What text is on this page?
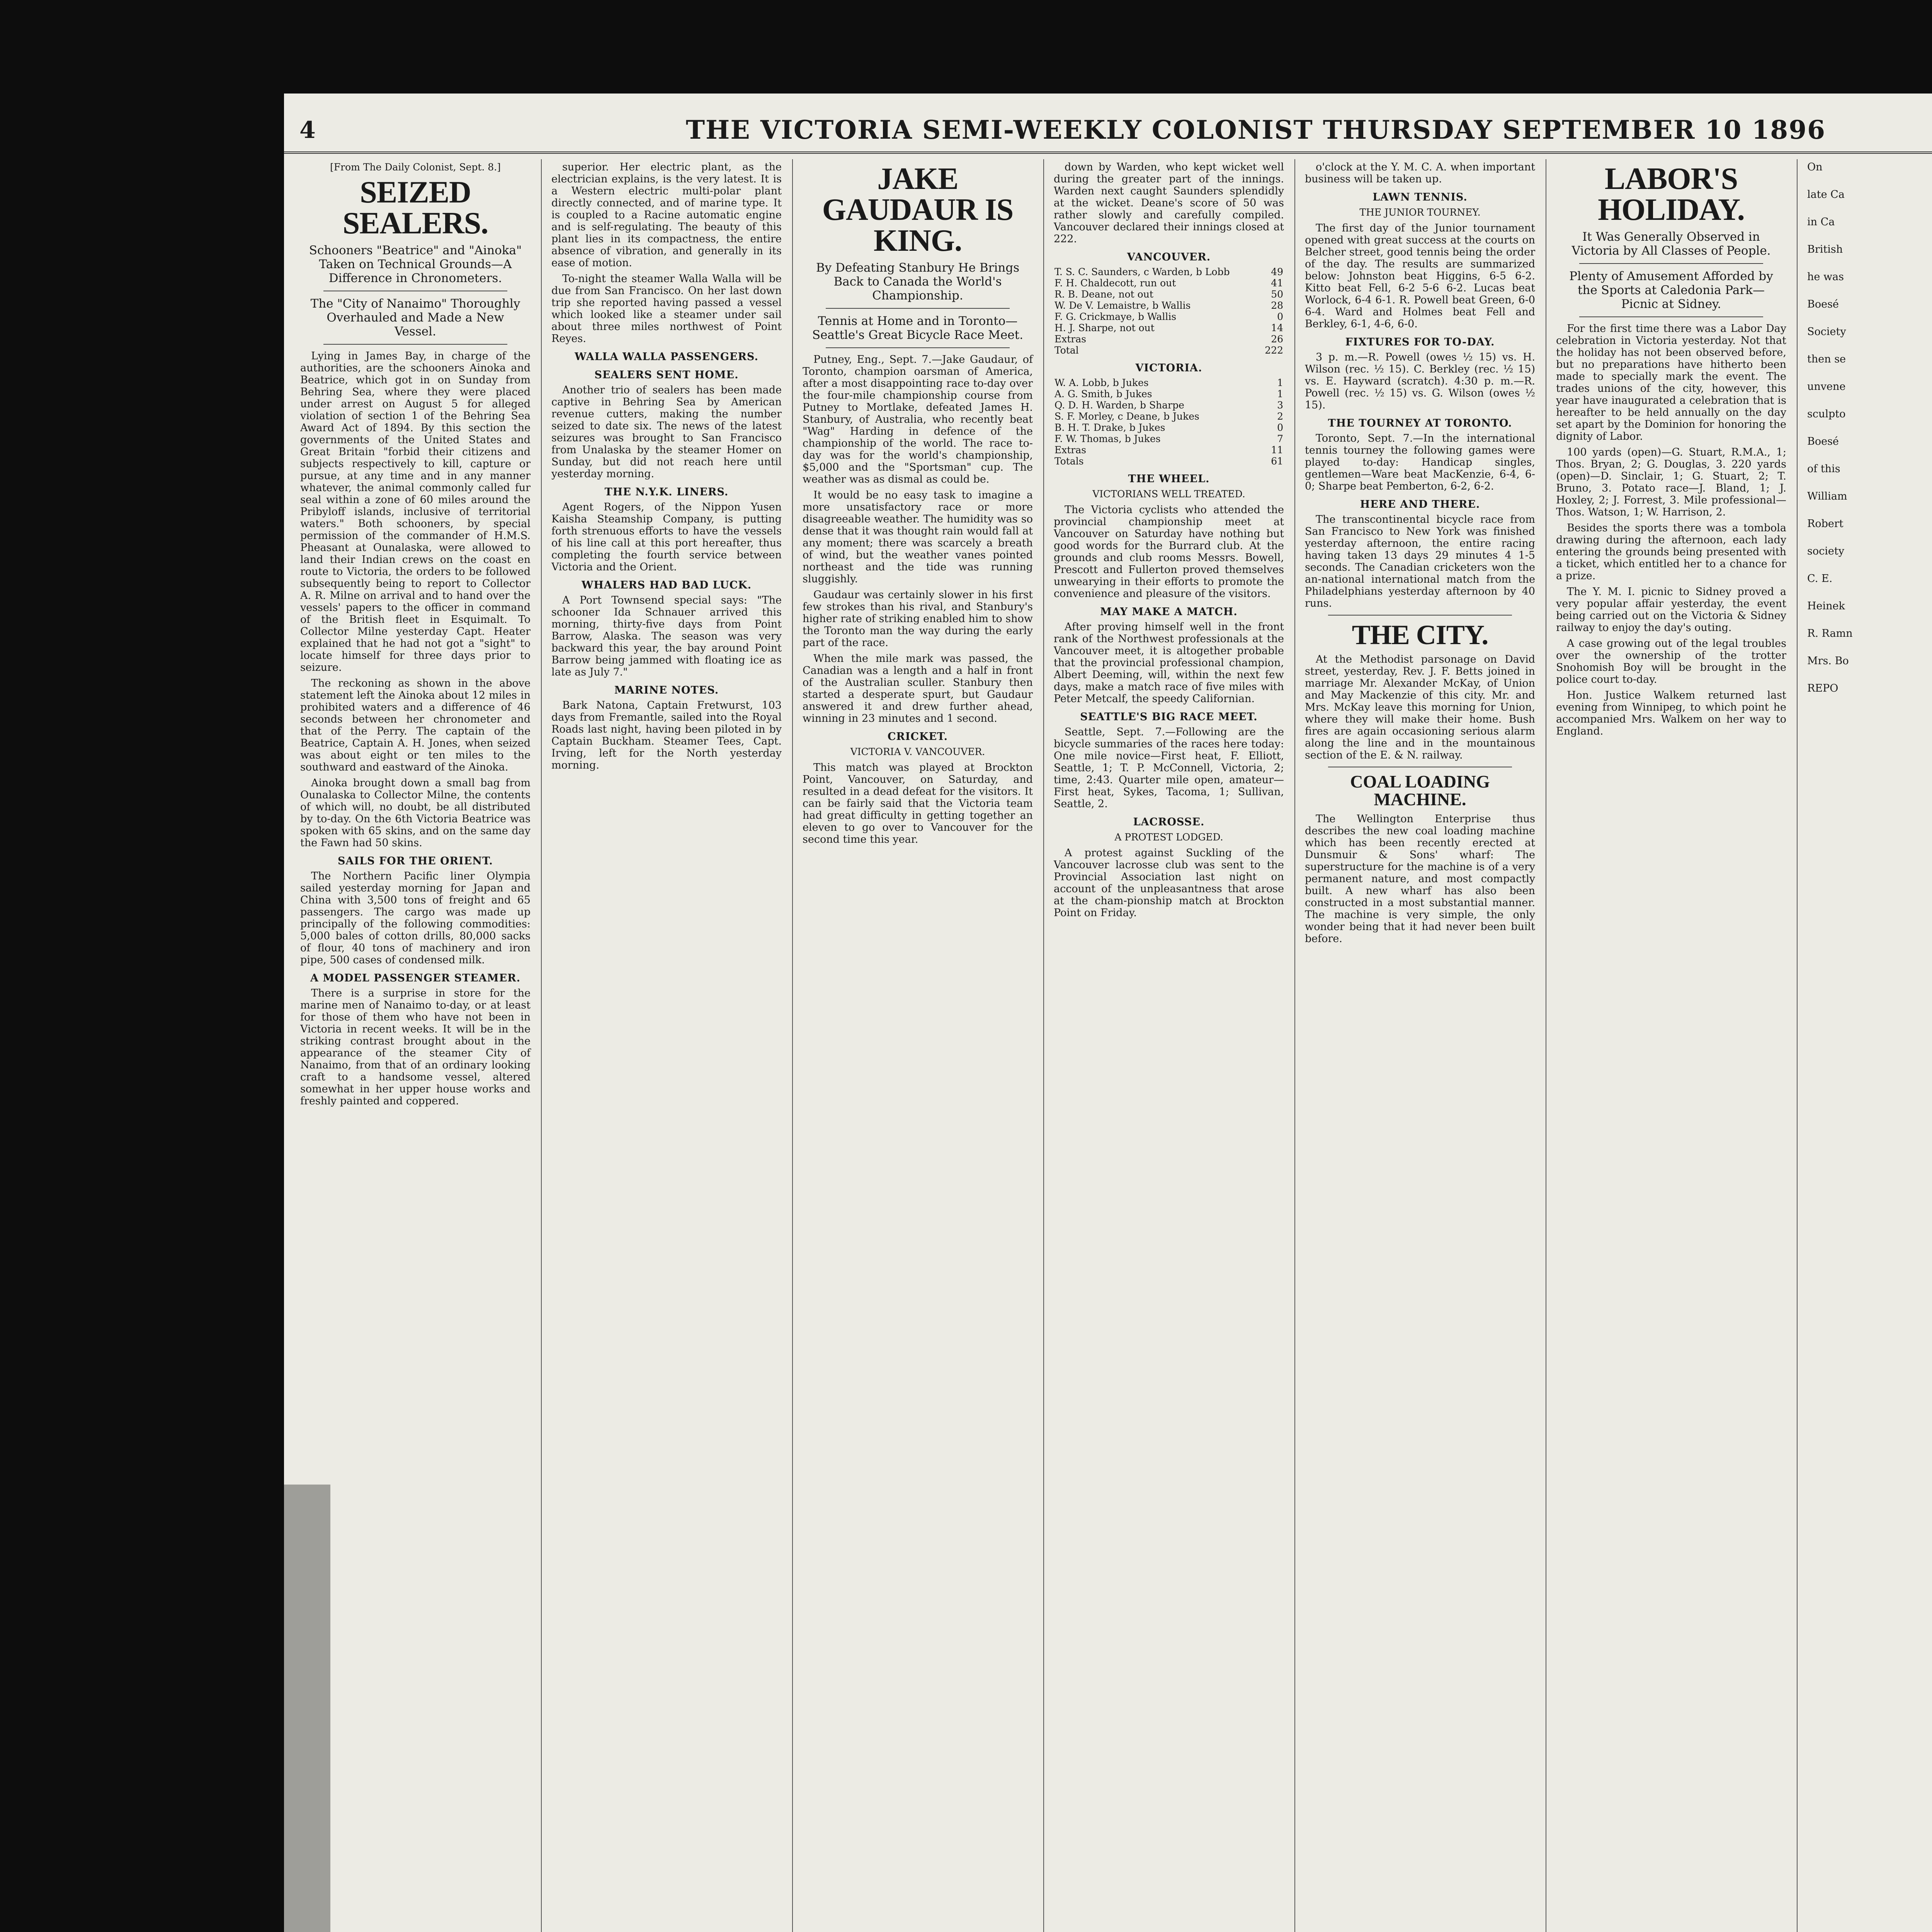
4	THE VICTORIA SEMI-WEEKLY COLONIST THURSDAY SEPTEMBER 10 1896
[From The Daily Colonist, Sept. 8.]
SEIZED SEALERS.
Schooners "Beatrice" and "Ainoka" Taken on Technical Grounds—A Difference in Chronometers.
The "City of Nanaimo" Thoroughly Overhauled and Made a New Vessel.

Lying in James Bay, in charge of the authorities, are the schooners Ainoka and Beatrice, which got in on Sunday from Behring Sea, where they were placed under arrest on August 5 for alleged violation of section 1 of the Behring Sea Award Act of 1894. By this section the governments of the United States and Great Britain "forbid their citizens and subjects respectively to kill, capture or pursue, at any time and in any manner whatever, the animal commonly called fur seal within a zone of 60 miles around the Pribyloff islands, inclusive of territorial waters." Both schooners, by special permission of the commander of H.M.S. Pheasant at Ounalaska, were allowed to land their Indian crews on the coast en route to Victoria, the orders to be followed subsequently being to report to Collector A. R. Milne on arrival and to hand over the vessels' papers to the officer in command of the British fleet in Esquimalt. To Collector Milne yesterday Capt. Heater explained that he had not got a "sight" to locate himself for three days prior to seizure.

The reckoning as shown in the above statement left the Ainoka about 12 miles in prohibited waters and a difference of 46 seconds between her chronometer and that of the Perry. The captain of the Beatrice, Captain A. H. Jones, when seized was about eight or ten miles to the southward and eastward of the Ainoka.

Ainoka brought down a small bag from Ounalaska to Collector Milne, the contents of which will, no doubt, be all distributed by to-day. On the 6th Victoria Beatrice was spoken with 65 skins, and on the same day the Fawn had 50 skins.

SAILS FOR THE ORIENT.

The Northern Pacific liner Olympia sailed yesterday morning for Japan and China with 3,500 tons of freight and 65 passengers. The cargo was made up principally of the following commodities: 5,000 bales of cotton drills, 80,000 sacks of flour, 40 tons of machinery and iron pipe, 500 cases of condensed milk.

A MODEL PASSENGER STEAMER.

There is a surprise in store for the marine men of Nanaimo to-day, or at least for those of them who have not been in Victoria in recent weeks. It will be in the striking contrast brought about in the appearance of the steamer City of Nanaimo, from that of an ordinary looking craft to a handsome vessel, altered somewhat in her upper house works and freshly painted and coppered.

superior. Her electric plant, as the electrician explains, is the very latest. It is a Western electric multi-polar plant directly connected, and of marine type. It is coupled to a Racine automatic engine and is self-regulating. The beauty of this plant lies in its compactness, the entire absence of vibration, and generally in its ease of motion.

To-night the steamer Walla Walla will be due from San Francisco. On her last down trip she reported having passed a vessel which looked like a steamer under sail about three miles northwest of Point Reyes.

WALLA WALLA PASSENGERS.
SEALERS SENT HOME.

Another trio of sealers has been made captive in Behring Sea by American revenue cutters, making the number seized to date six. The news of the latest seizures was brought to San Francisco from Unalaska by the steamer Homer on Sunday, but did not reach here until yesterday morning.

THE N.Y.K. LINERS.

Agent Rogers, of the Nippon Yusen Kaisha Steamship Company, is putting forth strenuous efforts to have the vessels of his line call at this port hereafter, thus completing the fourth service between Victoria and the Orient.

WHALERS HAD BAD LUCK.

A Port Townsend special says: "The schooner Ida Schnauer arrived this morning, thirty-five days from Point Barrow, Alaska. The season was very backward this year, the bay around Point Barrow being jammed with floating ice as late as July 7."

MARINE NOTES.

Bark Natona, Captain Fretwurst, 103 days from Fremantle, sailed into the Royal Roads last night, having been piloted in by Captain Buckham. Steamer Tees, Capt. Irving, left for the North yesterday morning.

JAKE GAUDAUR IS KING.
By Defeating Stanbury He Brings Back to Canada the World's Championship.
Tennis at Home and in Toronto—Seattle's Great Bicycle Race Meet.

Putney, Eng., Sept. 7.—Jake Gaudaur, of Toronto, champion oarsman of America, after a most disappointing race to-day over the four-mile championship course from Putney to Mortlake, defeated James H. Stanbury, of Australia, who recently beat "Wag" Harding in defence of the championship of the world. The race to-day was for the world's championship, $5,000 and the "Sportsman" cup. The weather was as dismal as could be.

It would be no easy task to imagine a more unsatisfactory race or more disagreeable weather. The humidity was so dense that it was thought rain would fall at any moment; there was scarcely a breath of wind, but the weather vanes pointed northeast and the tide was running sluggishly.

Gaudaur was certainly slower in his first few strokes than his rival, and Stanbury's higher rate of striking enabled him to show the Toronto man the way during the early part of the race.

When the mile mark was passed, the Canadian was a length and a half in front of the Australian sculler. Stanbury then started a desperate spurt, but Gaudaur answered it and drew further ahead, winning in 23 minutes and 1 second.

CRICKET.
VICTORIA V. VANCOUVER.

This match was played at Brockton Point, Vancouver, on Saturday, and resulted in a dead defeat for the visitors. It can be fairly said that the Victoria team had great difficulty in getting together an eleven to go over to Vancouver for the second time this year.

down by Warden, who kept wicket well during the greater part of the innings. Warden next caught Saunders splendidly at the wicket. Deane's score of 50 was rather slowly and carefully compiled. Vancouver declared their innings closed at 222.

VANCOUVER.
T. S. C. Saunders, c Warden, b Lobb	49
F. H. Chaldecott, run out	41
R. B. Deane, not out	50
W. De V. Lemaistre, b Wallis	28
F. G. Crickmaye, b Wallis	0
H. J. Sharpe, not out	14
Extras	26
Total	222
VICTORIA.
W. A. Lobb, b Jukes	1
A. G. Smith, b Jukes	1
Q. D. H. Warden, b Sharpe	3
S. F. Morley, c Deane, b Jukes	2
B. H. T. Drake, b Jukes	0
F. W. Thomas, b Jukes	7
Extras	11
Totals	61
THE WHEEL.
VICTORIANS WELL TREATED.

The Victoria cyclists who attended the provincial championship meet at Vancouver on Saturday have nothing but good words for the Burrard club. At the grounds and club rooms Messrs. Bowell, Prescott and Fullerton proved themselves unwearying in their efforts to promote the convenience and pleasure of the visitors.

MAY MAKE A MATCH.

After proving himself well in the front rank of the Northwest professionals at the Vancouver meet, it is altogether probable that the provincial professional champion, Albert Deeming, will, within the next few days, make a match race of five miles with Peter Metcalf, the speedy Californian.

SEATTLE'S BIG RACE MEET.

Seattle, Sept. 7.—Following are the bicycle summaries of the races here today: One mile novice—First heat, F. Elliott, Seattle, 1; T. P. McConnell, Victoria, 2; time, 2:43. Quarter mile open, amateur—First heat, Sykes, Tacoma, 1; Sullivan, Seattle, 2.

LACROSSE.
A PROTEST LODGED.

A protest against Suckling of the Vancouver lacrosse club was sent to the Provincial Association last night on account of the unpleasantness that arose at the cham-pionship match at Brockton Point on Friday.

o'clock at the Y. M. C. A. when important business will be taken up.

LAWN TENNIS.
THE JUNIOR TOURNEY.

The first day of the Junior tournament opened with great success at the courts on Belcher street, good tennis being the order of the day. The results are summarized below: Johnston beat Higgins, 6-5 6-2. Kitto beat Fell, 6-2 5-6 6-2. Lucas beat Worlock, 6-4 6-1. R. Powell beat Green, 6-0 6-4. Ward and Holmes beat Fell and Berkley, 6-1, 4-6, 6-0.

FIXTURES FOR TO-DAY.

3 p. m.—R. Powell (owes ½ 15) vs. H. Wilson (rec. ½ 15). C. Berkley (rec. ½ 15) vs. E. Hayward (scratch). 4:30 p. m.—R. Powell (rec. ½ 15) vs. G. Wilson (owes ½ 15).

THE TOURNEY AT TORONTO.

Toronto, Sept. 7.—In the international tennis tourney the following games were played to-day: Handicap singles, gentlemen—Ware beat MacKenzie, 6-4, 6-0; Sharpe beat Pemberton, 6-2, 6-2.

HERE AND THERE.

The transcontinental bicycle race from San Francisco to New York was finished yesterday afternoon, the entire racing having taken 13 days 29 minutes 4 1-5 seconds. The Canadian cricketers won the an-national international match from the Philadelphians yesterday afternoon by 40 runs.

THE CITY.

At the Methodist parsonage on David street, yesterday, Rev. J. F. Betts joined in marriage Mr. Alexander McKay, of Union and May Mackenzie of this city. Mr. and Mrs. McKay leave this morning for Union, where they will make their home. Bush fires are again occasioning serious alarm along the line and in the mountainous section of the E. & N. railway.

COAL LOADING MACHINE.

The Wellington Enterprise thus describes the new coal loading machine which has been recently erected at Dunsmuir & Sons' wharf: The superstructure for the machine is of a very permanent nature, and most compactly built. A new wharf has also been constructed in a most substantial manner. The machine is very simple, the only wonder being that it had never been built before.

LABOR'S HOLIDAY.
It Was Generally Observed in Victoria by All Classes of People.
Plenty of Amusement Afforded by the Sports at Caledonia Park—Picnic at Sidney.

For the first time there was a Labor Day celebration in Victoria yesterday. Not that the holiday has not been observed before, but no preparations have hitherto been made to specially mark the event. The trades unions of the city, however, this year have inaugurated a celebration that is hereafter to be held annually on the day set apart by the Dominion for honoring the dignity of Labor.

100 yards (open)—G. Stuart, R.M.A., 1; Thos. Bryan, 2; G. Douglas, 3. 220 yards (open)—D. Sinclair, 1; G. Stuart, 2; T. Bruno, 3. Potato race—J. Bland, 1; J. Hoxley, 2; J. Forrest, 3. Mile professional—Thos. Watson, 1; W. Harrison, 2.

Besides the sports there was a tombola drawing during the afternoon, each lady entering the grounds being presented with a ticket, which entitled her to a chance for a prize.

The Y. M. I. picnic to Sidney proved a very popular affair yesterday, the event being carried out on the Victoria & Sidney railway to enjoy the day's outing.

A case growing out of the legal troubles over the ownership of the trotter Snohomish Boy will be brought in the police court to-day.

Hon. Justice Walkem returned last evening from Winnipeg, to which point he accompanied Mrs. Walkem on her way to England.

On
late Ca
in Ca
British
he was
Boesé
Society
then se
unvene
sculpto
Boesé
of this
William
Robert
society
C. E.
Heinek
R. Ramn
Mrs. Bo
REPO
